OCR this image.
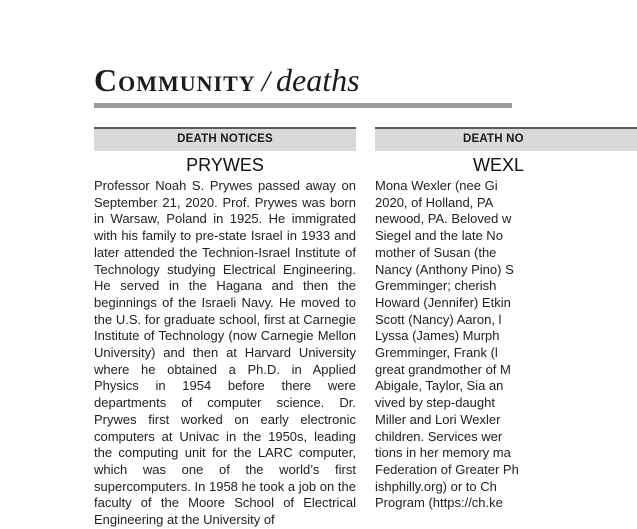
Community / deaths
DEATH NOTICES
PRYWES
Professor Noah S. Prywes passed away on September 21, 2020. Prof. Prywes was born in Warsaw, Poland in 1925. He immigrated with his family to pre-state Israel in 1933 and later attended the Technion-Israel Institute of Technology studying Electrical Engineering. He served in the Hagana and then the beginnings of the Israeli Navy. He moved to the U.S. for graduate school, first at Carnegie Institute of Technology (now Carnegie Mellon University) and then at Harvard University where he obtained a Ph.D. in Applied Physics in 1954 before there were departments of computer science. Dr. Prywes first worked on early electronic computers at Univac in the 1950s, leading the computing unit for the LARC computer, which was one of the world’s first supercomputers. In 1958 he took a job on the faculty of the Moore School of Electrical Engineering at the University of
DEATH NO
WEXL
Mona Wexler (nee Gi
2020, of Holland, PA
newood, PA. Beloved w
Siegel and the late No
mother of Susan (the
Nancy (Anthony Pino) S
Gremminger; cherish
Howard (Jennifer) Etkin
Scott (Nancy) Aaron, l
Lyssa (James) Murph
Gremminger, Frank (l
great grandmother of M
Abigale, Taylor, Sia an
vived by step-daught
Miller and Lori Wexler
children. Services wer
tions in her memory ma
Federation of Greater Ph
ishphilly.org) or to Ch
Program (https://ch.ke
